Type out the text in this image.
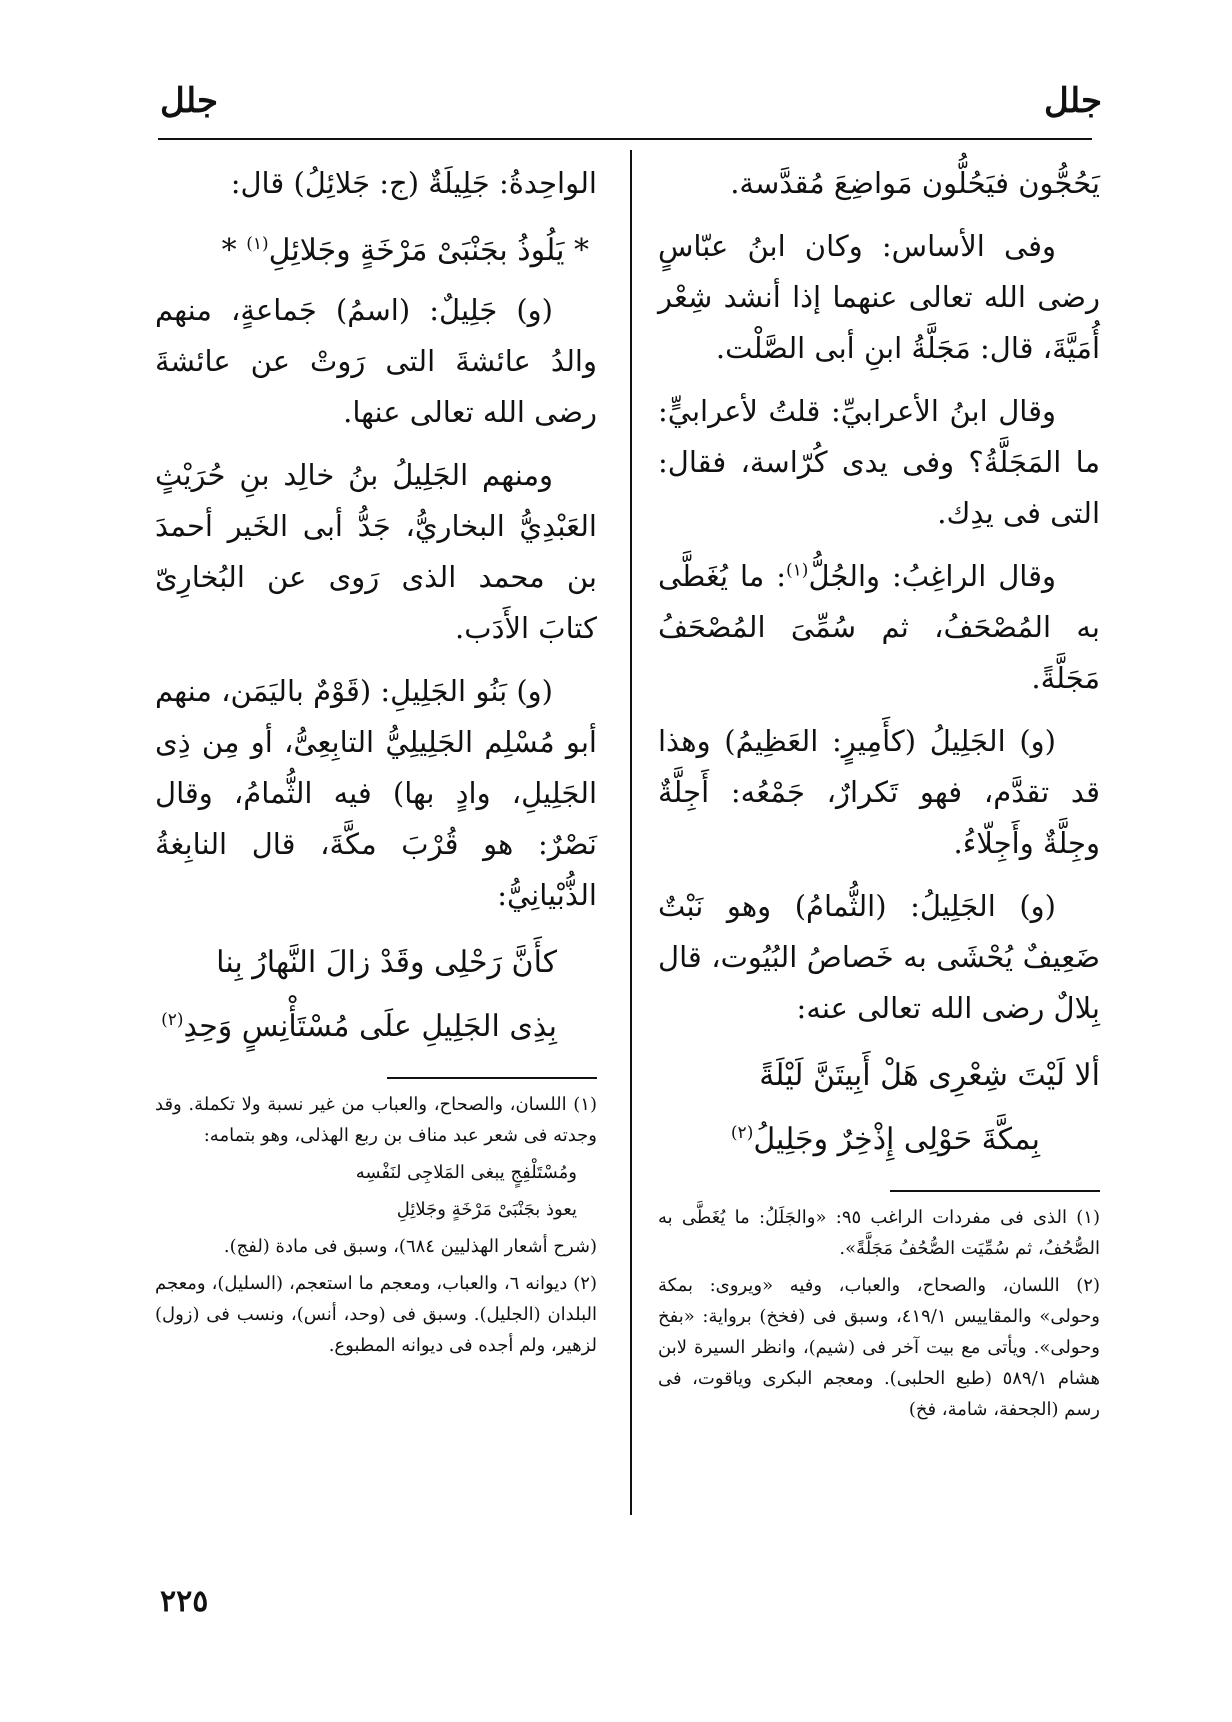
جلل
جلل

يَحُجُّون فيَحُلُّون مَواضِعَ مُقدَّسة.

وفى الأساس: وكان ابنُ عبّاسٍ رضى الله تعالى عنهما إذا أنشد شِعْر أُمَيَّةَ، قال: مَجَلَّةُ ابنِ أبى الصَّلْت.

وقال ابنُ الأعرابيِّ: قلتُ لأعرابيٍّ: ما المَجَلَّةُ؟ وفى يدى كُرّاسة، فقال: التى فى يدِك.

وقال الراغِبُ: والجُلُّ$^{(١)}$: ما يُغَطَّى به المُصْحَفُ، ثم سُمِّىَ المُصْحَفُ مَجَلَّةً.

(و) الجَلِيلُ (كأَمِيرٍ: العَظِيمُ) وهذا قد تقدَّم، فهو تَكرارٌ، جَمْعُه: أَجِلَّةٌ وجِلَّةٌ وأَجِلّاءُ.

(و) الجَلِيلُ: (الثُّمامُ) وهو نَبْتٌ ضَعِيفٌ يُحْشَى به خَصاصُ البُيُوت، قال بِلالٌ رضى الله تعالى عنه:

ألا لَيْتَ شِعْرِى هَلْ أَبِيتَنَّ لَيْلَةً

بِمكَّةَ حَوْلِى إِذْخِرٌ وجَلِيلُ$^{(٢)}$

(١) الذى فى مفردات الراغب ٩٥: «والجَلَلُ: ما يُغَطَّى به الصُّحُفُ، ثم سُمِّيَت الصُّحُفُ مَجَلَّةً».

(٢) اللسان، والصحاح، والعباب، وفيه «ويروى: بمكة وحولى» والمقاييس ٤١٩/١، وسبق فى (فخخ) برواية: «بفخ وحولى». ويأتى مع بيت آخر فى (شيم)، وانظر السيرة لابن هشام ٥٨٩/١ (طبع الحلبى). ومعجم البكرى وياقوت، فى رسم (الجحفة، شامة، فخ)

الواحِدةُ: جَلِيلَةٌ (ج: جَلائِلُ) قال:

* يَلُوذُ بجَنْبَىْ مَرْخَةٍ وجَلائِلِ$^{(١)}$ *

(و) جَلِيلٌ: (اسمُ) جَماعةٍ، منهم والدُ عائشةَ التى رَوتْ عن عائشةَ رضى الله تعالى عنها.

ومنهم الجَلِيلُ بنُ خالِد بنِ حُرَيْثٍ العَبْدِيُّ البخاريُّ، جَدُّ أبى الخَير أحمدَ بن محمد الذى رَوى عن البُخارِىّ كتابَ الأَدَب.

(و) بَنُو الجَلِيلِ: (قَوْمٌ باليَمَن، منهم أبو مُسْلِم الجَلِيلِيُّ التابِعِىُّ، أو مِن ذِى الجَلِيلِ، وادٍ بها) فيه الثُّمامُ، وقال نَصْرٌ: هو قُرْبَ مكَّةَ، قال النابِغةُ الذُّبْيانِيُّ:

كأَنَّ رَحْلِى وقَدْ زالَ النَّهارُ بِنا

بِذِى الجَلِيلِ علَى مُسْتَأْنِسٍ وَحِدِ$^{(٢)}$

(١) اللسان، والصحاح، والعباب من غير نسبة ولا تكملة. وقد وجدته فى شعر عبد مناف بن ربع الهذلى، وهو بتمامه:

ومُسْتَلْفِجٍ يبغى المَلاجِى لنَفْسِه

يعوذ بجَنْبَىْ مَرْخَةٍ وجَلائِلِ

(شرح أشعار الهذليين ٦٨٤)، وسبق فى مادة (لفج).

(٢) ديوانه ٦، والعباب، ومعجم ما استعجم، (السليل)، ومعجم البلدان (الجليل). وسبق فى (وحد، أنس)، ونسب فى (زول) لزهير، ولم أجده فى ديوانه المطبوع.

٢٢٥
